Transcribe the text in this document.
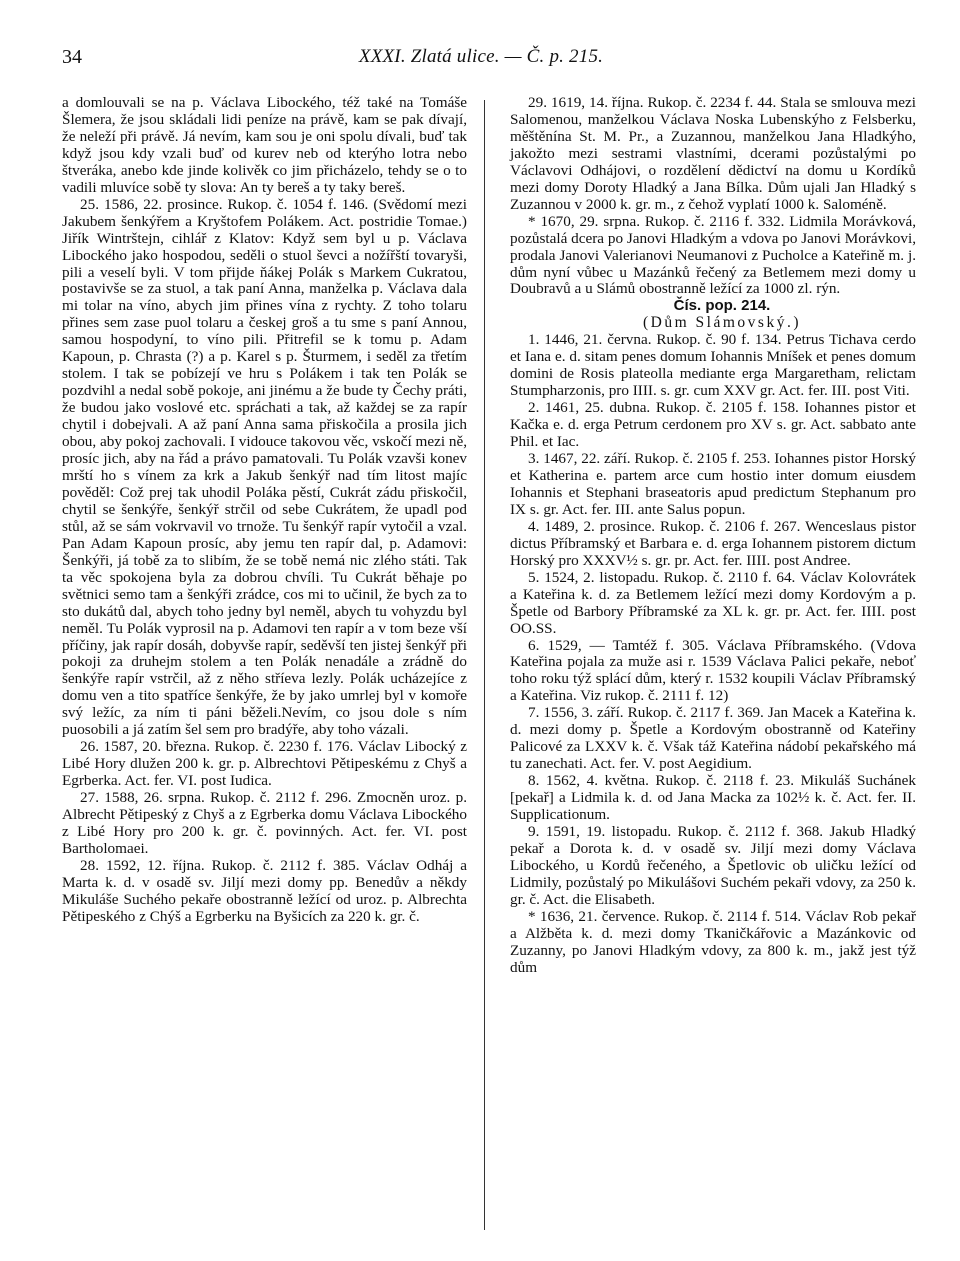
34	XXXI. Zlatá ulice. — Č. p. 215.

a domlouvali se na p. Václava Libockého, též také na Tomáše Šlemera, že jsou skládali lidi peníze na právě, kam se pak dívají, že neleží při právě. Já nevím, kam sou je oni spolu dívali, buď tak když jsou kdy vzali buď od kurev neb od kterýho lotra nebo štveráka, anebo kde jinde kolivěk co jim přicházelo, tehdy se o to vadili mluvíce sobě ty slova: An ty bereš a ty taky bereš.

25. 1586, 22. prosince. Rukop. č. 1054 f. 146. (Svědomí mezi Jakubem šenkýřem a Kryštofem Polákem. Act. postridie Tomae.) Jiřík Wintrštejn, cihlář z Klatov: Když sem byl u p. Václava Libockého jako hospodou, seděli o stuol ševci a nožířští tovaryši, pili a veselí byli. V tom přijde ňákej Polák s Markem Cukratou, postavivše se za stuol, a tak paní Anna, manželka p. Václava dala mi tolar na víno, abych jim přines vína z rychty. Z toho tolaru přines sem zase puol tolaru a českej groš a tu sme s paní Annou, samou hospodyní, to víno pili. Přitrefil se k tomu p. Adam Kapoun, p. Chrasta (?) a p. Karel s p. Šturmem, i seděl za třetím stolem. I tak se pobízejí ve hru s Polákem i tak ten Polák se pozdvihl a nedal sobě pokoje, ani jinému a že bude ty Čechy práti, že budou jako voslové etc. spráchati a tak, až každej se za rapír chytil i dobejvali. A až paní Anna sama přiskočila a prosila jich obou, aby pokoj zachovali. I vidouce takovou věc, vskočí mezi ně, prosíc jich, aby na řád a právo pamatovali. Tu Polák vzavši konev mrští ho s vínem za krk a Jakub šenkýř nad tím litost majíc pověděl: Což prej tak uhodil Poláka pěstí, Cukrát zádu přiskočil, chytil se šenkýře, šenkýř strčil od sebe Cukrátem, že upadl pod stůl, až se sám vokrvavil vo trnože. Tu šenkýř rapír vytočil a vzal. Pan Adam Kapoun prosíc, aby jemu ten rapír dal, p. Adamovi: Šenkýři, já tobě za to slibím, že se tobě nemá nic zlého státi. Tak ta věc spokojena byla za dobrou chvíli. Tu Cukrát běhaje po světnici semo tam a šenkýři zrádce, cos mi to učinil, že bych za to sto dukátů dal, abych toho jedny byl neměl, abych tu vohyzdu byl neměl. Tu Polák vyprosil na p. Adamovi ten rapír a v tom beze vší příčiny, jak rapír dosáh, dobyvše rapír, seděvší ten jistej šenkýř při pokoji za druhejm stolem a ten Polák nenadále a zrádně do šenkýře rapír vstrčil, až z něho stříeva lezly. Polák ucházejíce z domu ven a tito spatříce šenkýře, že by jako umrlej byl v komoře svý ležíc, za ním ti páni běželi.Nevím, co jsou dole s ním puosobili a já zatím šel sem pro bradýře, aby toho vázali.

26. 1587, 20. března. Rukop. č. 2230 f. 176. Václav Libocký z Libé Hory dlužen 200 k. gr. p. Albrechtovi Pětipeskému z Chyš a Egrberka. Act. fer. VI. post Iudica.

27. 1588, 26. srpna. Rukop. č. 2112 f. 296. Zmocněn uroz. p. Albrecht Pětipeský z Chyš a z Egrberka domu Václava Libockého z Libé Hory pro 200 k. gr. č. povinných. Act. fer. VI. post Bartholomaei.

28. 1592, 12. října. Rukop. č. 2112 f. 385. Václav Odháj a Marta k. d. v osadě sv. Jiljí mezi domy pp. Benedův a někdy Mikuláše Suchého pekaře obostranně ležící od uroz. p. Albrechta Pětipeského z Chýš a Egrberku na Byšicích za 220 k. gr. č.

29. 1619, 14. října. Rukop. č. 2234 f. 44. Stala se smlouva mezi Salomenou, manželkou Václava Noska Lubenskýho z Felsberku, měštěnína St. M. Pr., a Zuzannou, manželkou Jana Hladkýho, jakožto mezi sestrami vlastními, dcerami pozůstalými po Václavovi Odhájovi, o rozdělení dědictví na domu u Kordíků mezi domy Doroty Hladký a Jana Bílka. Dům ujali Jan Hladký s Zuzannou v 2000 k. gr. m., z čehož vyplatí 1000 k. Saloméně.

* 1670, 29. srpna. Rukop. č. 2116 f. 332. Lidmila Morávková, pozůstalá dcera po Janovi Hladkým a vdova po Janovi Morávkovi, prodala Janovi Valerianovi Neumanovi z Pucholce a Kateřině m. j. dům nyní vůbec u Mazánků řečený za Betlemem mezi domy u Doubravů a u Slámů obostranně ležící za 1000 zl. rýn.

Čís. pop. 214.

(Dům Slámovský.)

1. 1446, 21. června. Rukop. č. 90 f. 134. Petrus Tichava cerdo et Iana e. d. sitam penes domum Iohannis Mníšek et penes domum domini de Rosis plateolla mediante erga Margaretham, relictam Stumpharzonis, pro IIII. s. gr. cum XXV gr. Act. fer. III. post Viti.

2. 1461, 25. dubna. Rukop. č. 2105 f. 158. Iohannes pistor et Kačka e. d. erga Petrum cerdonem pro XV s. gr. Act. sabbato ante Phil. et Iac.

3. 1467, 22. září. Rukop. č. 2105 f. 253. Iohannes pistor Horský et Katherina e. partem arce cum hostio inter domum eiusdem Iohannis et Stephani braseatoris apud predictum Stephanum pro IX s. gr. Act. fer. III. ante Salus popun.

4. 1489, 2. prosince. Rukop. č. 2106 f. 267. Wenceslaus pistor dictus Příbramský et Barbara e. d. erga Iohannem pistorem dictum Horský pro XXXV½ s. gr. pr. Act. fer. IIII. post Andree.

5. 1524, 2. listopadu. Rukop. č. 2110 f. 64. Václav Kolovrátek a Kateřina k. d. za Betlemem ležící mezi domy Kordovým a p. Špetle od Barbory Příbramské za XL k. gr. pr. Act. fer. IIII. post OO.SS.

6. 1529, — Tamtéž f. 305. Václava Příbramského. (Vdova Kateřina pojala za muže asi r. 1539 Václava Palici pekaře, neboť toho roku týž splácí dům, který r. 1532 koupili Václav Příbramský a Kateřina. Viz rukop. č. 2111 f. 12)

7. 1556, 3. září. Rukop. č. 2117 f. 369. Jan Macek a Kateřina k. d. mezi domy p. Špetle a Kordovým obostranně od Kateřiny Palicové za LXXV k. č. Však táž Kateřina nádobí pekařského má tu zanechati. Act. fer. V. post Aegidium.

8. 1562, 4. května. Rukop. č. 2118 f. 23. Mikuláš Suchánek [pekař] a Lidmila k. d. od Jana Macka za 102½ k. č. Act. fer. II. Supplicationum.

9. 1591, 19. listopadu. Rukop. č. 2112 f. 368. Jakub Hladký pekař a Dorota k. d. v osadě sv. Jiljí mezi domy Václava Libockého, u Kordů řečeného, a Špetlovic ob uličku ležící od Lidmily, pozůstalý po Mikulášovi Suchém pekaři vdovy, za 250 k. gr. č. Act. die Elisabeth.

* 1636, 21. července. Rukop. č. 2114 f. 514. Václav Rob pekař a Alžběta k. d. mezi domy Tkaničkářovic a Mazánkovic od Zuzanny, po Janovi Hladkým vdovy, za 800 k. m., jakž jest týž dům
